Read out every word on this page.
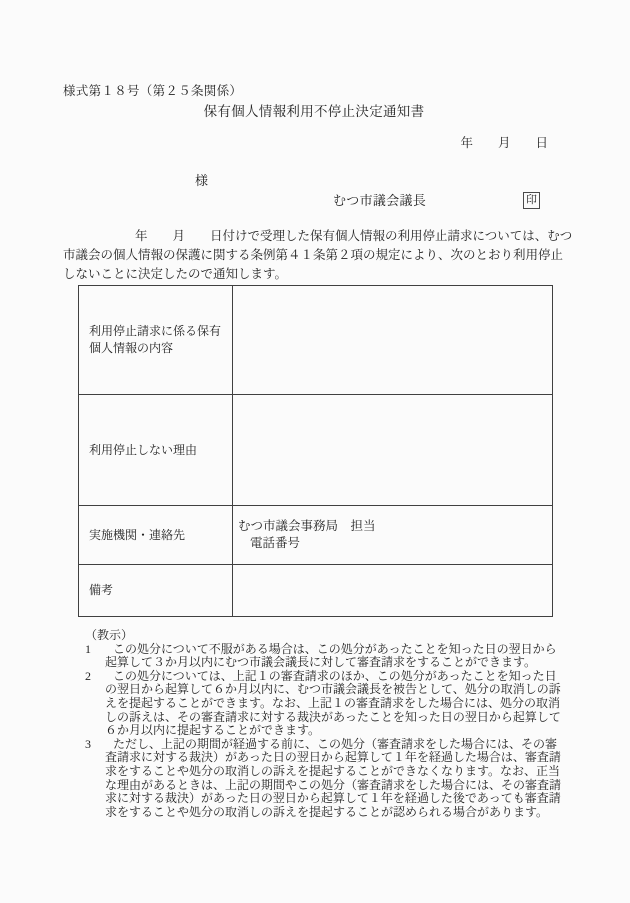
様式第１８号（第２５条関係）
保有個人情報利用不停止決定通知書
年　　月　　日
様
むつ市議会議長	印
年　　月　　日付けで受理した保有個人情報の利用停止請求については、むつ市議会の個人情報の保護に関する条例第４１条第２項の規定により、次のとおり利用停止しないことに決定したので通知します。
利用停止請求に係る保有個人情報の内容	
利用停止しない理由	
実施機関・連絡先	むつ市議会事務局　担当
電話番号

備考	
（教示）
1 この処分について不服がある場合は、この処分があったことを知った日の翌日から起算して３か月以内にむつ市議会議長に対して審査請求をすることができます。
2 この処分については、上記１の審査請求のほか、この処分があったことを知った日の翌日から起算して６か月以内に、むつ市議会議長を被告として、処分の取消しの訴えを提起することができます。なお、上記１の審査請求をした場合には、処分の取消しの訴えは、その審査請求に対する裁決があったことを知った日の翌日から起算して６か月以内に提起することができます。
3 ただし、上記の期間が経過する前に、この処分（審査請求をした場合には、その審査請求に対する裁決）があった日の翌日から起算して１年を経過した場合は、審査請求をすることや処分の取消しの訴えを提起することができなくなります。なお、正当な理由があるときは、上記の期間やこの処分（審査請求をした場合には、その審査請求に対する裁決）があった日の翌日から起算して１年を経過した後であっても審査請求をすることや処分の取消しの訴えを提起することが認められる場合があります。
